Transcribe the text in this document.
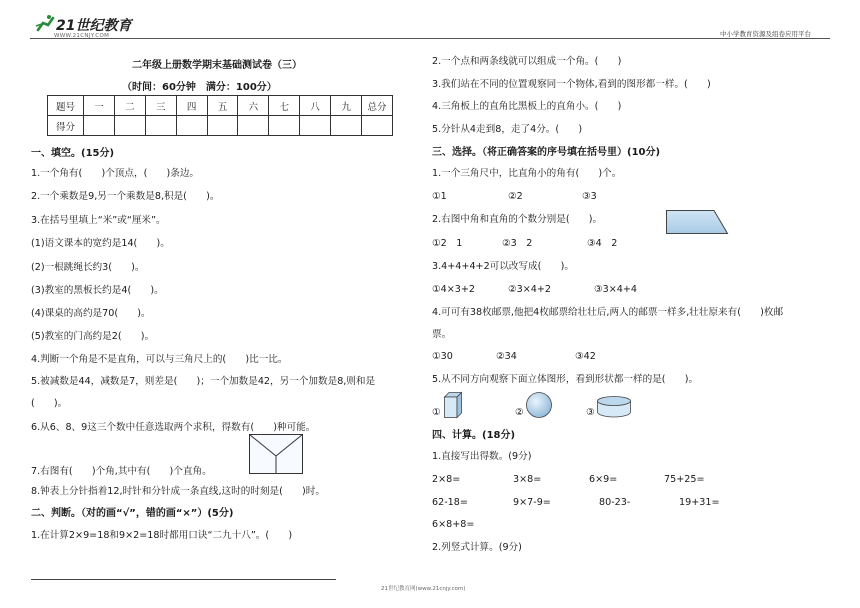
21世纪教育
WWW.21CNJY.COM	中小学教育资源及组卷应用平台
二年级上册数学期末基础测试卷（三）
（时间：60分钟　满分：100分）
题号	一	二	三	四	五	六	七	八	九	总分
得分										
一、填空。(15分)
1.一个角有(　　)个顶点，(　　)条边。
2.一个乘数是9,另一个乘数是8,积是(　　)。
3.在括号里填上“米”或“厘米”。
(1)语文课本的宽约是14(　　)。
(2)一根跳绳长约3(　　)。
(3)教室的黑板长约是4(　　)。
(4)课桌的高约是70(　　)。
(5)教室的门高约是2(　　)。
4.判断一个角是不是直角，可以与三角尺上的(　　)比一比。
5.被减数是44，减数是7，则差是(　　)；一个加数是42，另一个加数是8,则和是
(　　)。
6.从6、8、9这三个数中任意选取两个求积，得数有(　　)种可能。
7.右图有(　　)个角,其中有(　　)个直角。
8.钟表上分针指着12,时针和分针成一条直线,这时的时刻是(　　)时。
二、判断。（对的画“√”，错的画“×”）(5分)
1.在计算2×9=18和9×2=18时都用口诀“二九十八”。(　　)
2.一个点和两条线就可以组成一个角。(　　)
3.我们站在不同的位置观察同一个物体,看到的图形都一样。(　　)
4.三角板上的直角比黑板上的直角小。(　　)
5.分针从4走到8，走了4分。(　　)
三、选择。（将正确答案的序号填在括号里）(10分)
1.一个三角尺中，比直角小的角有(　　)个。
①1	②2	③3
2.右图中角和直角的个数分别是(　　)。
①2　1	②3　2	③4　2
3.4+4+4+2可以改写成(　　)。
①4×3+2	②3×4+2	③3×4+4
4.可可有38枚邮票,他把4枚邮票给壮壮后,两人的邮票一样多,壮壮原来有(　　)枚邮
票。
①30	②34	③42
5.从不同方向观察下面立体图形，看到形状都一样的是(　　)。
①	②	③
四、计算。(18分)
1.直接写出得数。(9分)
2×8=	3×8=	6×9=	75+25=
62-18=	9×7-9=	80-23-	19+31=
6×8+8=
2.列竖式计算。(9分)
21世纪教育网(www.21cnjy.com)
